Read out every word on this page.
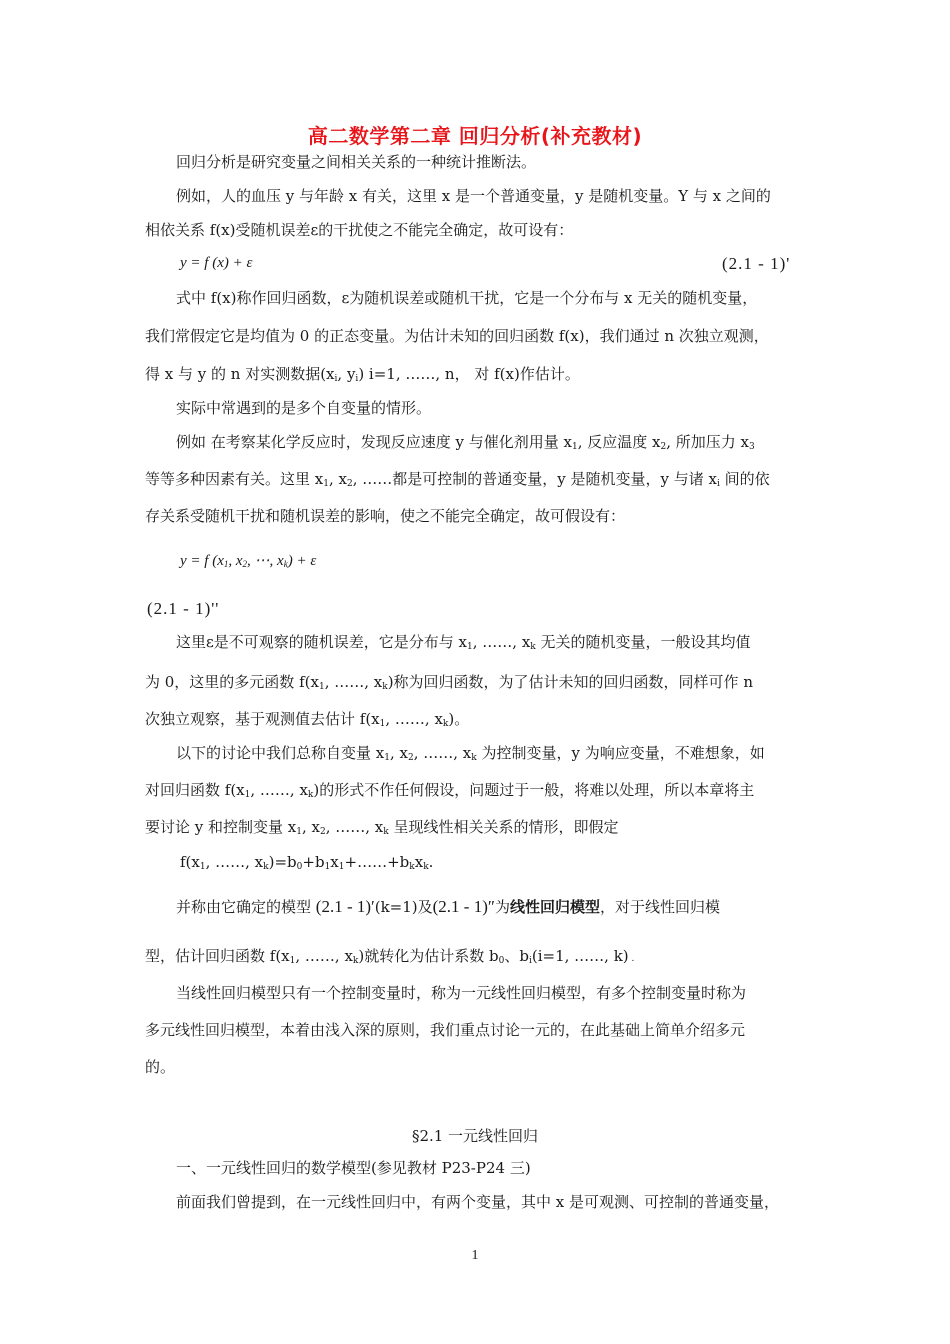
高二数学第二章 回归分析(补充教材)
回归分析是研究变量之间相关关系的一种统计推断法。
例如，人的血压 y 与年龄 x 有关，这里 x 是一个普通变量，y 是随机变量。Y 与 x 之间的
相依关系 f(x)受随机误差ε的干扰使之不能完全确定，故可设有：
y = f (x) + ε	(2.1 - 1)'
式中 f(x)称作回归函数，ε为随机误差或随机干扰，它是一个分布与 x 无关的随机变量，
我们常假定它是均值为 0 的正态变量。为估计未知的回归函数 f(x)，我们通过 n 次独立观测，
得 x 与 y 的 n 对实测数据($x_i$, $y_i$) i=1, ……, n， 对 f(x)作估计。
实际中常遇到的是多个自变量的情形。
例如 在考察某化学反应时，发现反应速度 y 与催化剂用量 $x_1$, 反应温度 $x_2$, 所加压力 $x_3$
等等多种因素有关。这里 $x_1$, $x_2$, ……都是可控制的普通变量，y 是随机变量，y 与诸 $x_i$ 间的依
存关系受随机干扰和随机误差的影响，使之不能完全确定，故可假设有：
y = f ($x_1$, $x_2$, ⋯, $x_k) + \varepsilon$
(2.1 - 1)''
这里ε是不可观察的随机误差，它是分布与 $x_1$, ……, $x_k$ 无关的随机变量，一般设其均值
为 0，这里的多元函数 $f(x_1$, ……, $x_k$)称为回归函数，为了估计未知的回归函数，同样可作 n
次独立观察，基于观测值去估计 $f(x_1$, ……, $x_k$)。
以下的讨论中我们总称自变量 $x_1$, $x_2$, ……, $x_k$ 为控制变量，y 为响应变量，不难想象，如
对回归函数 $f(x_1$, ……, $x_k$)的形式不作任何假设，问题过于一般，将难以处理，所以本章将主
要讨论 y 和控制变量 $x_1$, $x_2$, ……, $x_k$ 呈现线性相关关系的情形，即假定
$f(x_1$, ……, $x_k)=b_0+b_1x_1+\dots\dots+b_kx_k$.
并称由它确定的模型 (2.1 - 1)′(k=1)及(2.1 - 1)″为线性回归模型，对于线性回归模
型，估计回归函数 $f(x_1$, ……, $x_k$)就转化为估计系数 $b_0$、$b_i(i=1$, ……, k) .
当线性回归模型只有一个控制变量时，称为一元线性回归模型，有多个控制变量时称为
多元线性回归模型，本着由浅入深的原则，我们重点讨论一元的，在此基础上简单介绍多元
的。
§2.1 一元线性回归
一、一元线性回归的数学模型(参见教材 P23-P24 三)
前面我们曾提到，在一元线性回归中，有两个变量，其中 x 是可观测、可控制的普通变量，
1
